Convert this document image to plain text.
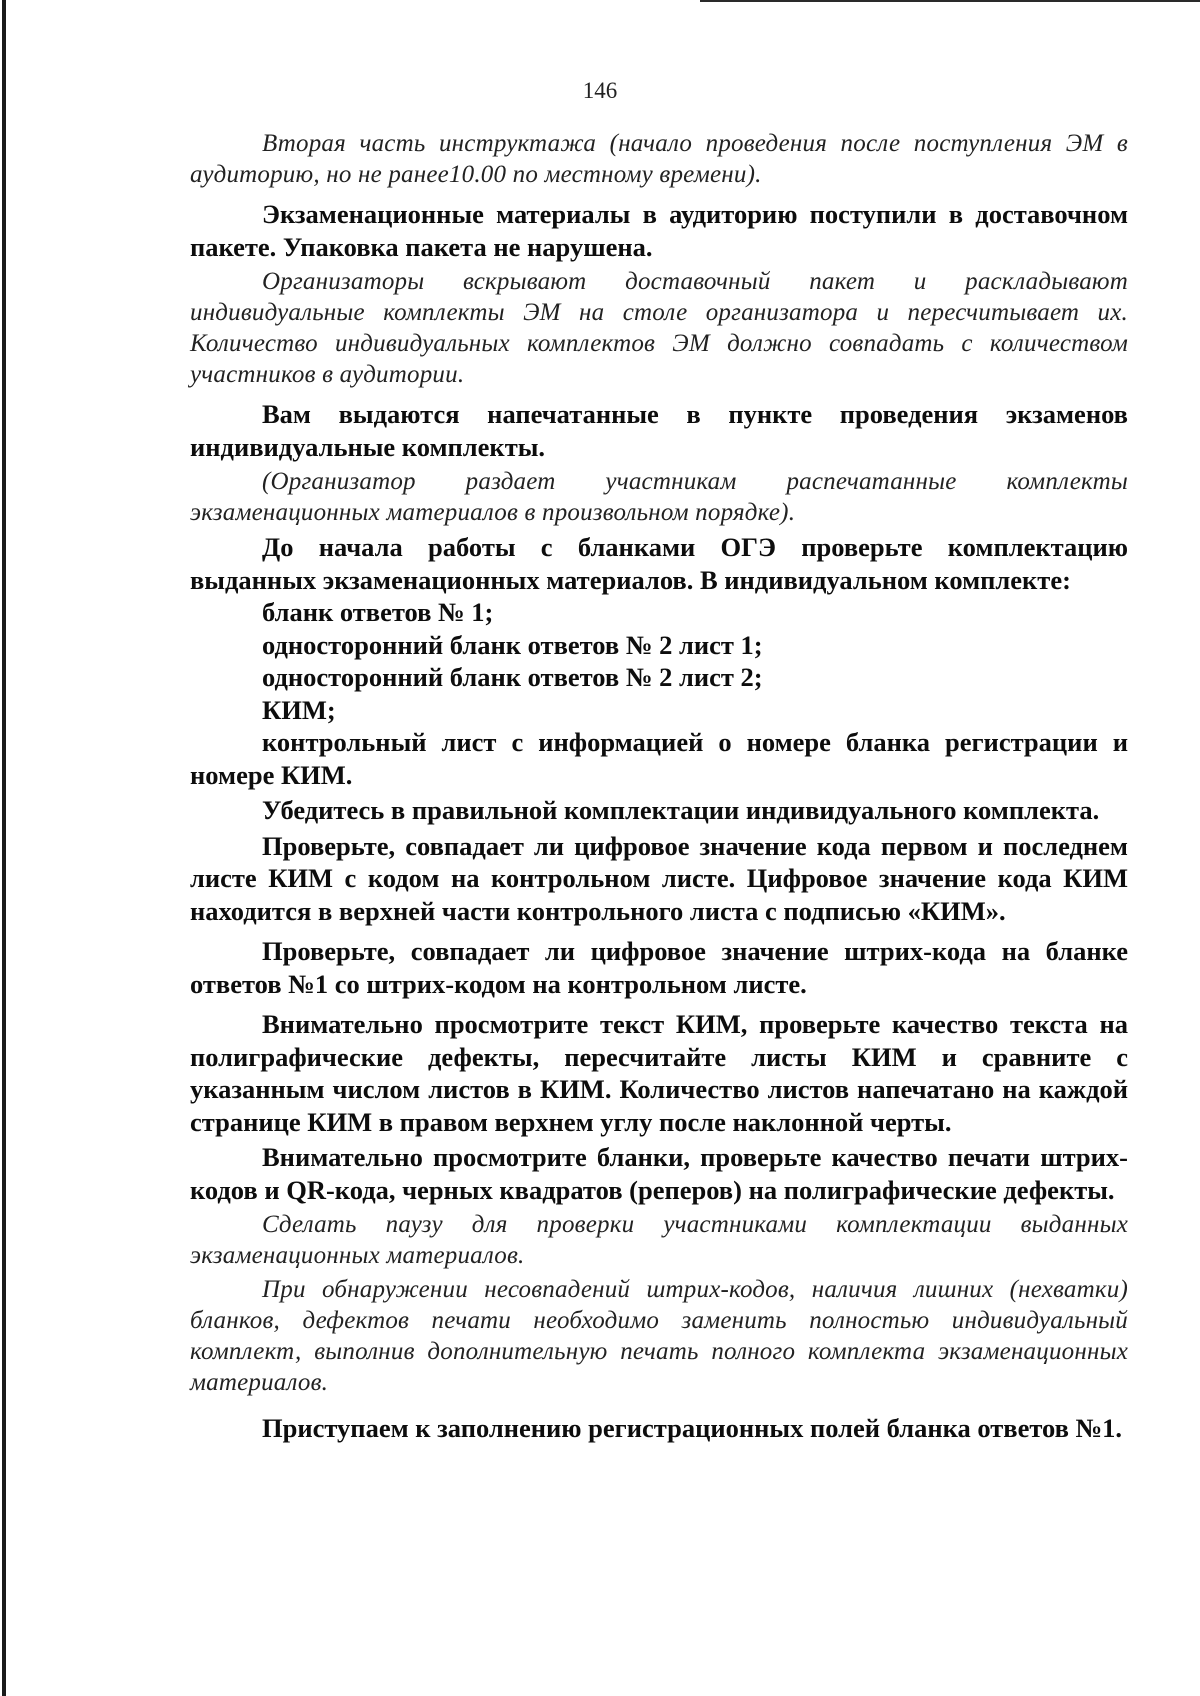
146

Вторая часть инструктажа (начало проведения после поступления ЭМ в аудиторию, но не ранее10.00 по местному времени).

Экзаменационные материалы в аудиторию поступили в доставочном пакете. Упаковка пакета не нарушена.

Организаторы вскрывают доставочный пакет и раскладывают индивидуальные комплекты ЭМ на столе организатора и пересчитывает их. Количество индивидуальных комплектов ЭМ должно совпадать с количеством участников в аудитории.

Вам выдаются напечатанные в пункте проведения экзаменов индивидуальные комплекты.

(Организатор раздает участникам распечатанные комплекты экзаменационных материалов в произвольном порядке).

До начала работы с бланками ОГЭ проверьте комплектацию выданных экзаменационных материалов. В индивидуальном комплекте:

бланк ответов № 1;

односторонний бланк ответов № 2 лист 1;

односторонний бланк ответов № 2 лист 2;

КИМ;

контрольный лист с информацией о номере бланка регистрации и номере КИМ.

Убедитесь в правильной комплектации индивидуального комплекта.

Проверьте, совпадает ли цифровое значение кода первом и последнем листе КИМ с кодом на контрольном листе. Цифровое значение кода КИМ находится в верхней части контрольного листа с подписью «КИМ».

Проверьте, совпадает ли цифровое значение штрих-кода на бланке ответов №1 со штрих-кодом на контрольном листе.

Внимательно просмотрите текст КИМ, проверьте качество текста на полиграфические дефекты, пересчитайте листы КИМ и сравните с указанным числом листов в КИМ. Количество листов напечатано на каждой странице КИМ в правом верхнем углу после наклонной черты.

Внимательно просмотрите бланки, проверьте качество печати штрих-кодов и QR-кода, черных квадратов (реперов) на полиграфические дефекты.

Сделать паузу для проверки участниками комплектации выданных экзаменационных материалов.

При обнаружении несовпадений штрих-кодов, наличия лишних (нехватки) бланков, дефектов печати необходимо заменить полностью индивидуальный комплект, выполнив дополнительную печать полного комплекта экзаменационных материалов.

Приступаем к заполнению регистрационных полей бланка ответов №1.
